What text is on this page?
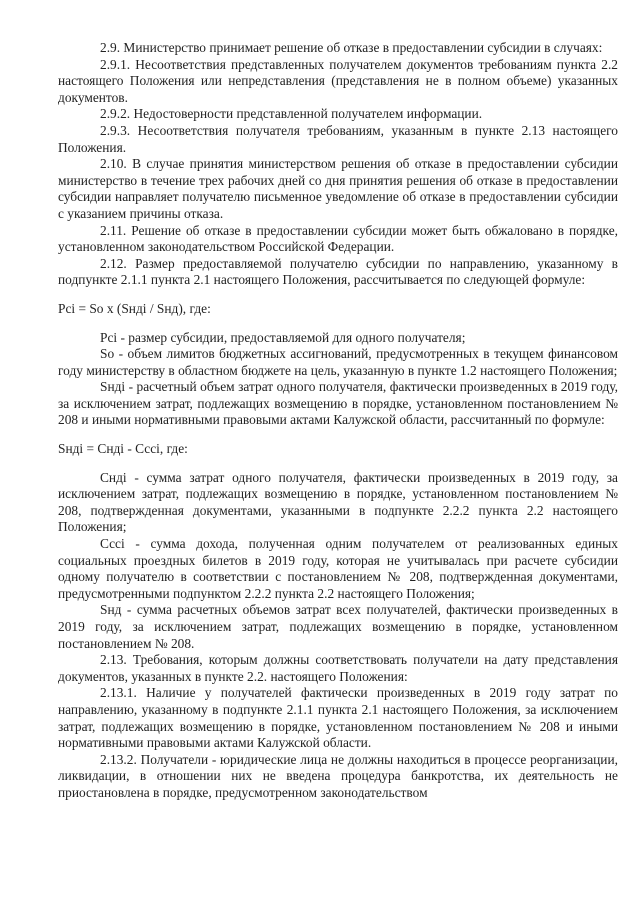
2.9. Министерство принимает решение об отказе в предоставлении субсидии в случаях:

2.9.1. Несоответствия представленных получателем документов требованиям пункта 2.2 настоящего Положения или непредставления (представления не в полном объеме) указанных документов.

2.9.2. Недостоверности представленной получателем информации.

2.9.3. Несоответствия получателя требованиям, указанным в пункте 2.13 настоящего Положения.

2.10. В случае принятия министерством решения об отказе в предоставлении субсидии министерство в течение трех рабочих дней со дня принятия решения об отказе в предоставлении субсидии направляет получателю письменное уведомление об отказе в предоставлении субсидии с указанием причины отказа.

2.11. Решение об отказе в предоставлении субсидии может быть обжаловано в порядке, установленном законодательством Российской Федерации.

2.12. Размер предоставляемой получателю субсидии по направлению, указанному в подпункте 2.1.1 пункта 2.1 настоящего Положения, рассчитывается по следующей формуле:

Pci = So x (Sнді / Sнд), где:

Pci - размер субсидии, предоставляемой для одного получателя;

So - объем лимитов бюджетных ассигнований, предусмотренных в текущем финансовом году министерству в областном бюджете на цель, указанную в пункте 1.2 настоящего Положения;

Sнді - расчетный объем затрат одного получателя, фактически произведенных в 2019 году, за исключением затрат, подлежащих возмещению в порядке, установленном постановлением № 208 и иными нормативными правовыми актами Калужской области, рассчитанный по формуле:

Sнді = Снді - Сссі, где:

Снді - сумма затрат одного получателя, фактически произведенных в 2019 году, за исключением затрат, подлежащих возмещению в порядке, установленном постановлением № 208, подтвержденная документами, указанными в подпункте 2.2.2 пункта 2.2 настоящего Положения;

Сссі - сумма дохода, полученная одним получателем от реализованных единых социальных проездных билетов в 2019 году, которая не учитывалась при расчете субсидии одному получателю в соответствии с постановлением № 208, подтвержденная документами, предусмотренными подпунктом 2.2.2 пункта 2.2 настоящего Положения;

Sнд - сумма расчетных объемов затрат всех получателей, фактически произведенных в 2019 году, за исключением затрат, подлежащих возмещению в порядке, установленном постановлением № 208.

2.13. Требования, которым должны соответствовать получатели на дату представления документов, указанных в пункте 2.2. настоящего Положения:

2.13.1. Наличие у получателей фактически произведенных в 2019 году затрат по направлению, указанному в подпункте 2.1.1 пункта 2.1 настоящего Положения, за исключением затрат, подлежащих возмещению в порядке, установленном постановлением № 208 и иными нормативными правовыми актами Калужской области.

2.13.2. Получатели - юридические лица не должны находиться в процессе реорганизации, ликвидации, в отношении них не введена процедура банкротства, их деятельность не приостановлена в порядке, предусмотренном законодательством
